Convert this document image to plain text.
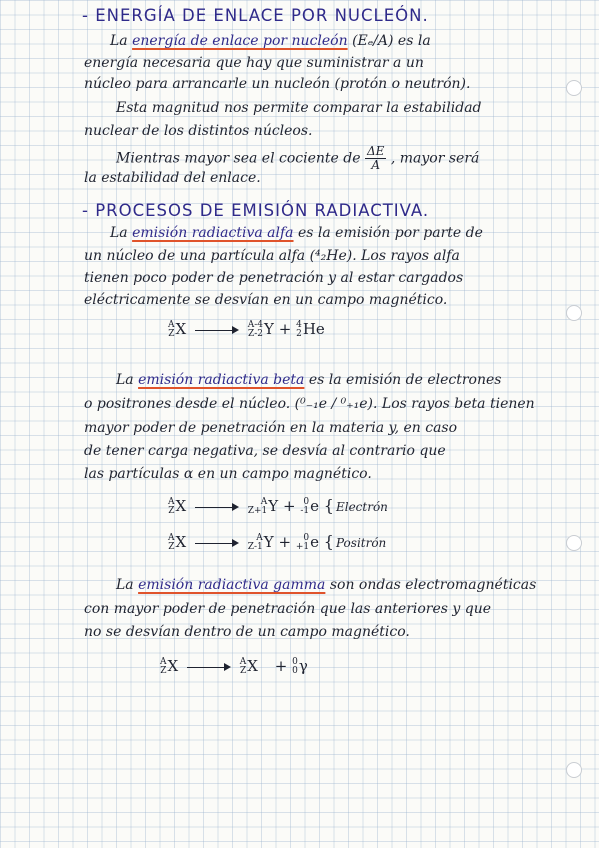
- ENERGÍA DE ENLACE POR NUCLEÓN.
La energía de enlace por nucleón (Eₑ/A) es la
energía necesaria que hay que suministrar a un
núcleo para arrancarle un nucleón (protón o neutrón).
Esta magnitud nos permite comparar la estabilidad
nuclear de los distintos núcleos.
Mientras mayor sea el cociente de $\frac{\Delta E}{A}$ , mayor será
la estabilidad del enlace.
- PROCESOS DE EMISIÓN RADIACTIVA.
La emisión radiactiva alfa es la emisión por parte de
un núcleo de una partícula alfa (⁴₂He). Los rayos alfa
tienen poco poder de penetración y al estar cargados
eléctricamente se desvían en un campo magnético.
A
Z X	A-4
Z-2 Y + 4
2 He
La emisión radiactiva beta es la emisión de electrones
o positrones desde el núcleo. (⁰₋₁e / ⁰₊₁e). Los rayos beta tienen
mayor poder de penetración en la materia y, en caso
de tener carga negativa, se desvía al contrario que
las partículas α en un campo magnético.
A
Z X	A
Z+1 Y + 0
-1 e { Electrón
A
Z X	A
Z-1 Y +	0
+1 e { Positrón
La emisión radiactiva gamma son ondas electromagnéticas
con mayor poder de penetración que las anteriores y que
no se desvían dentro de un campo magnético.
A
Z X	A
Z X + 0
0 γ
